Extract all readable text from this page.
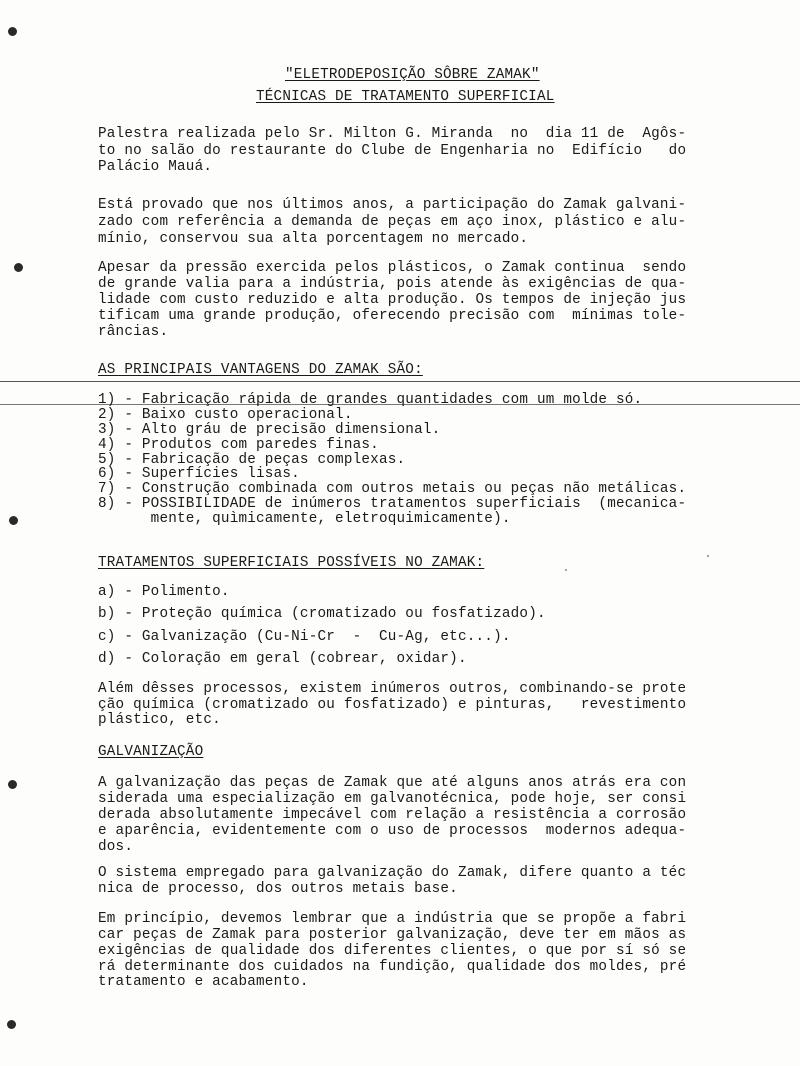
"ELETRODEPOSIÇÃO SÔBRE ZAMAK"
TÉCNICAS DE TRATAMENTO SUPERFICIAL
Palestra realizada pelo Sr. Milton G. Miranda  no  dia 11 de  Agôs-
to no salão do restaurante do Clube de Engenharia no  Edifício   do
Palácio Mauá.
Está provado que nos últimos anos, a participação do Zamak galvani-
zado com referência a demanda de peças em aço inox, plástico e alu-
mínio, conservou sua alta porcentagem no mercado.
Apesar da pressão exercida pelos plásticos, o Zamak continua  sendo
de grande valia para a indústria, pois atende às exigências de qua-
lidade com custo reduzido e alta produção. Os tempos de injeção jus
tificam uma grande produção, oferecendo precisão com  mínimas tole-
râncias.
AS PRINCIPAIS VANTAGENS DO ZAMAK SÃO:
1) - Fabricação rápida de grandes quantidades com um molde só.
2) - Baixo custo operacional.
3) - Alto gráu de precisão dimensional.
4) - Produtos com paredes finas.
5) - Fabricação de peças complexas.
6) - Superfícies lisas.
7) - Construção combinada com outros metais ou peças não metálicas.
8) - POSSIBILIDADE de inúmeros tratamentos superficiais  (mecanica-
mente, quìmicamente, eletroquimicamente).
TRATAMENTOS SUPERFICIAIS POSSÍVEIS NO ZAMAK:
a) - Polimento.
b) - Proteção química (cromatizado ou fosfatizado).
c) - Galvanização (Cu-Ni-Cr  -  Cu-Ag, etc...).
d) - Coloração em geral (cobrear, oxidar).
Além dêsses processos, existem inúmeros outros, combinando-se prote
ção química (cromatizado ou fosfatizado) e pinturas,   revestimento
plástico, etc.
GALVANIZAÇÃO
A galvanização das peças de Zamak que até alguns anos atrás era con
siderada uma especialização em galvanotécnica, pode hoje, ser consi
derada absolutamente impecável com relação a resistência a corrosão
e aparência, evidentemente com o uso de processos  modernos adequa-
dos.
O sistema empregado para galvanização do Zamak, difere quanto a téc
nica de processo, dos outros metais base.
Em princípio, devemos lembrar que a indústria que se propõe a fabri
car peças de Zamak para posterior galvanização, deve ter em mãos as
exigências de qualidade dos diferentes clientes, o que por sí só se
rá determinante dos cuidados na fundição, qualidade dos moldes, pré
tratamento e acabamento.
